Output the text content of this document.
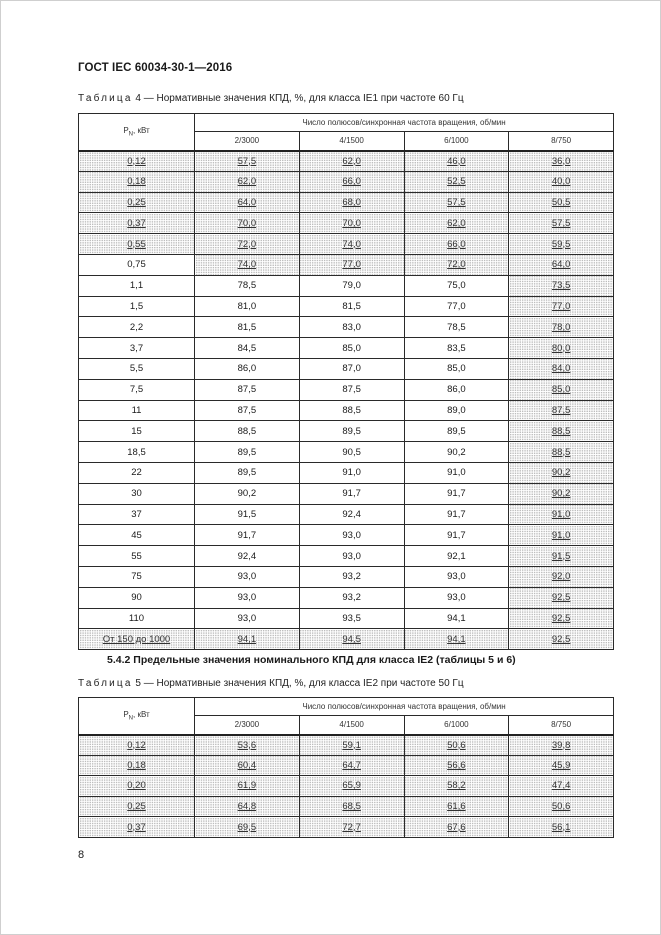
ГОСТ IEC 60034-30-1—2016
Таблица 4 — Нормативные значения КПД, %, для класса IE1 при частоте 60 Гц
$P_N$, кВт	Число полюсов/синхронная частота вращения, об/мин			
	2/3000	4/1500	6/1000	8/750
0,12	57,5	62,0	46,0	36,0
0,18	62,0	66,0	52,5	40,0
0,25	64,0	68,0	57,5	50,5
0,37	70,0	70,0	62,0	57,5
0,55	72,0	74,0	66,0	59,5
0,75	74,0	77,0	72,0	64,0
1,1	78,5	79,0	75,0	73,5
1,5	81,0	81,5	77,0	77,0
2,2	81,5	83,0	78,5	78,0
3,7	84,5	85,0	83,5	80,0
5,5	86,0	87,0	85,0	84,0
7,5	87,5	87,5	86,0	85,0
11	87,5	88,5	89,0	87,5
15	88,5	89,5	89,5	88,5
18,5	89,5	90,5	90,2	88,5
22	89,5	91,0	91,0	90,2
30	90,2	91,7	91,7	90,2
37	91,5	92,4	91,7	91,0
45	91,7	93,0	91,7	91,0
55	92,4	93,0	92,1	91,5
75	93,0	93,2	93,0	92,0
90	93,0	93,2	93,0	92,5
110	93,0	93,5	94,1	92,5
От 150 до 1000	94,1	94,5	94,1	92,5
5.4.2 Предельные значения номинального КПД для класса IE2 (таблицы 5 и 6)
Таблица 5 — Нормативные значения КПД, %, для класса IE2 при частоте 50 Гц
$P_N$, кВт	Число полюсов/синхронная частота вращения, об/мин			
	2/3000	4/1500	6/1000	8/750
0,12	53,6	59,1	50,6	39,8
0,18	60,4	64,7	56,6	45,9
0,20	61,9	65,9	58,2	47,4
0,25	64,8	68,5	61,6	50,6
0,37	69,5	72,7	67,6	56,1
8
